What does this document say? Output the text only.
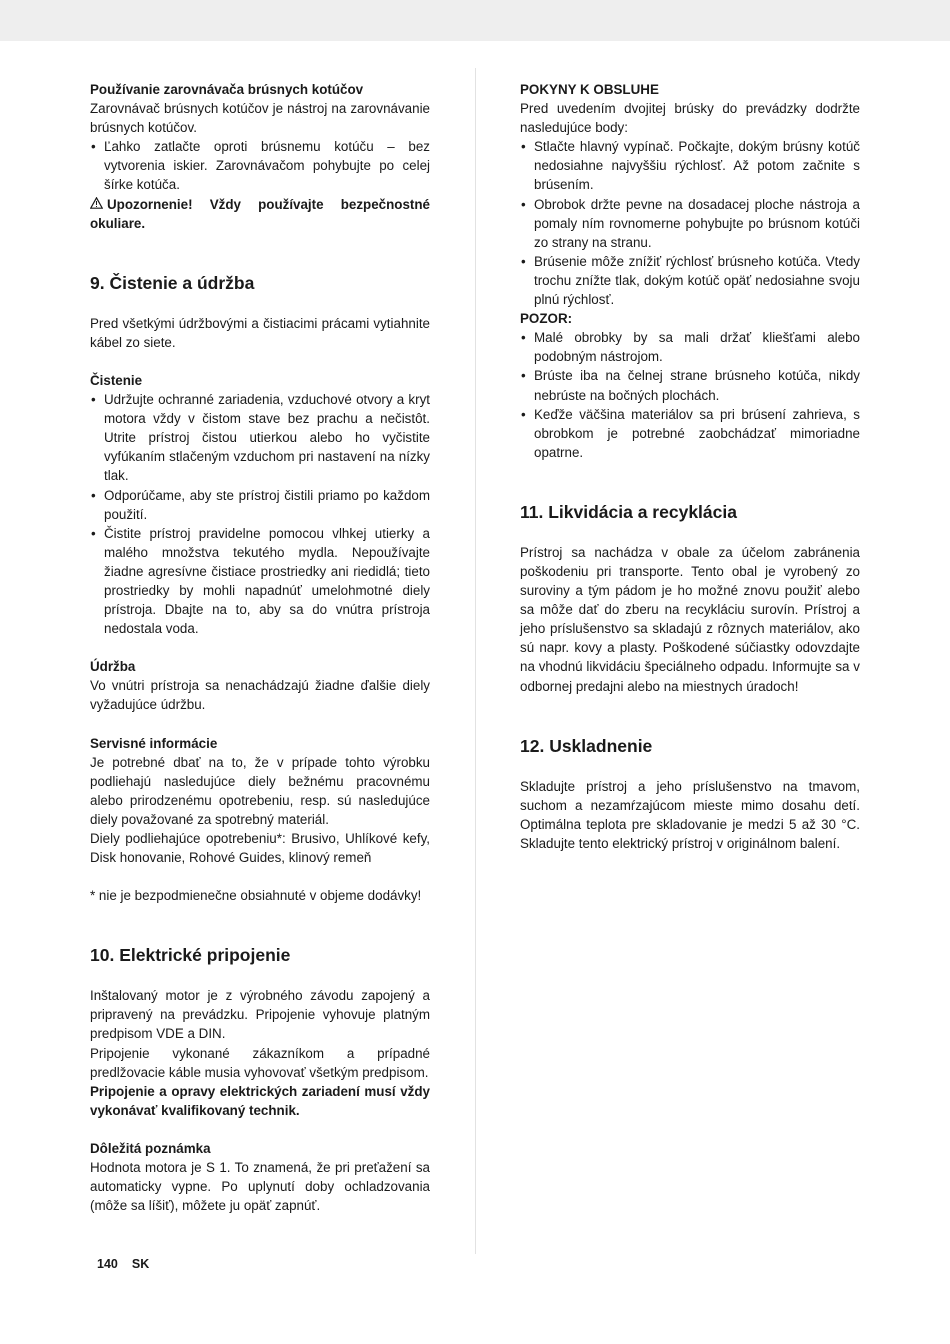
Používanie zarovnávača brúsnych kotúčov

Zarovnávač brúsnych kotúčov je nástroj na zarovnávanie brúsnych kotúčov.

• Ľahko zatlačte oproti brúsnemu kotúču – bez vytvorenia iskier. Zarovnávačom pohybujte po celej šírke kotúča.

Upozornenie! Vždy používajte bezpečnostné okuliare.

9. Čistenie a údržba

Pred všetkými údržbovými a čistiacimi prácami vytiahnite kábel zo siete.

Čistenie

• Udržujte ochranné zariadenia, vzduchové otvory a kryt motora vždy v čistom stave bez prachu a nečistôt. Utrite prístroj čistou utierkou alebo ho vyčistite vyfúkaním stlačeným vzduchom pri nastavení na nízky tlak.
• Odporúčame, aby ste prístroj čistili priamo po každom použití.
• Čistite prístroj pravidelne pomocou vlhkej utierky a malého množstva tekutého mydla. Nepoužívajte žiadne agresívne čistiace prostriedky ani riedidlá; tieto prostriedky by mohli napadnúť umelohmotné diely prístroja. Dbajte na to, aby sa do vnútra prístroja nedostala voda.

Údržba

Vo vnútri prístroja sa nenachádzajú žiadne ďalšie diely vyžadujúce údržbu.

Servisné informácie

Je potrebné dbať na to, že v prípade tohto výrobku podliehajú nasledujúce diely bežnému pracovnému alebo prirodzenému opotrebeniu, resp. sú nasledujúce diely považované za spotrebný materiál.

Diely podliehajúce opotrebeniu*: Brusivo, Uhlíkové kefy, Disk honovanie, Rohové Guides, klinový remeň

* nie je bezpodmienečne obsiahnuté v objeme dodávky!

10. Elektrické pripojenie

Inštalovaný motor je z výrobného závodu zapojený a pripravený na prevádzku. Pripojenie vyhovuje platným predpisom VDE a DIN.

Pripojenie vykonané zákazníkom a prípadné predlžovacie káble musia vyhovovať všetkým predpisom.

Pripojenie a opravy elektrických zariadení musí vždy vykonávať kvalifikovaný technik.

Dôležitá poznámka

Hodnota motora je S 1. To znamená, že pri preťažení sa automaticky vypne. Po uplynutí doby ochladzovania (môže sa líšiť), môžete ju opäť zapnúť.

POKYNY K OBSLUHE

Pred uvedením dvojitej brúsky do prevádzky dodržte nasledujúce body:

• Stlačte hlavný vypínač. Počkajte, dokým brúsny kotúč nedosiahne najvyššiu rýchlosť. Až potom začnite s brúsením.
• Obrobok držte pevne na dosadacej ploche nástroja a pomaly ním rovnomerne pohybujte po brúsnom kotúči zo strany na stranu.
• Brúsenie môže znížiť rýchlosť brúsneho kotúča. Vtedy trochu znížte tlak, dokým kotúč opäť nedosiahne svoju plnú rýchlosť.

POZOR:

• Malé obrobky by sa mali držať kliešťami alebo podobným nástrojom.
• Brúste iba na čelnej strane brúsneho kotúča, nikdy nebrúste na bočných plochách.
• Keďže väčšina materiálov sa pri brúsení zahrieva, s obrobkom je potrebné zaobchádzať mimoriadne opatrne.
11. Likvidácia a recyklácia

Prístroj sa nachádza v obale za účelom zabránenia poškodeniu pri transporte. Tento obal je vyrobený zo suroviny a tým pádom je ho možné znovu použiť alebo sa môže dať do zberu na recykláciu surovín. Prístroj a jeho príslušenstvo sa skladajú z rôznych materiálov, ako sú napr. kovy a plasty. Poškodené súčiastky odovzdajte na vhodnú likvidáciu špeciálneho odpadu. Informujte sa v odbornej predajni alebo na miestnych úradoch!

12. Uskladnenie

Skladujte prístroj a jeho príslušenstvo na tmavom, suchom a nezamŕzajúcom mieste mimo dosahu detí. Optimálna teplota pre skladovanie je medzi 5 až 30 °C. Skladujte tento elektrický prístroj v originálnom balení.

140 SK
